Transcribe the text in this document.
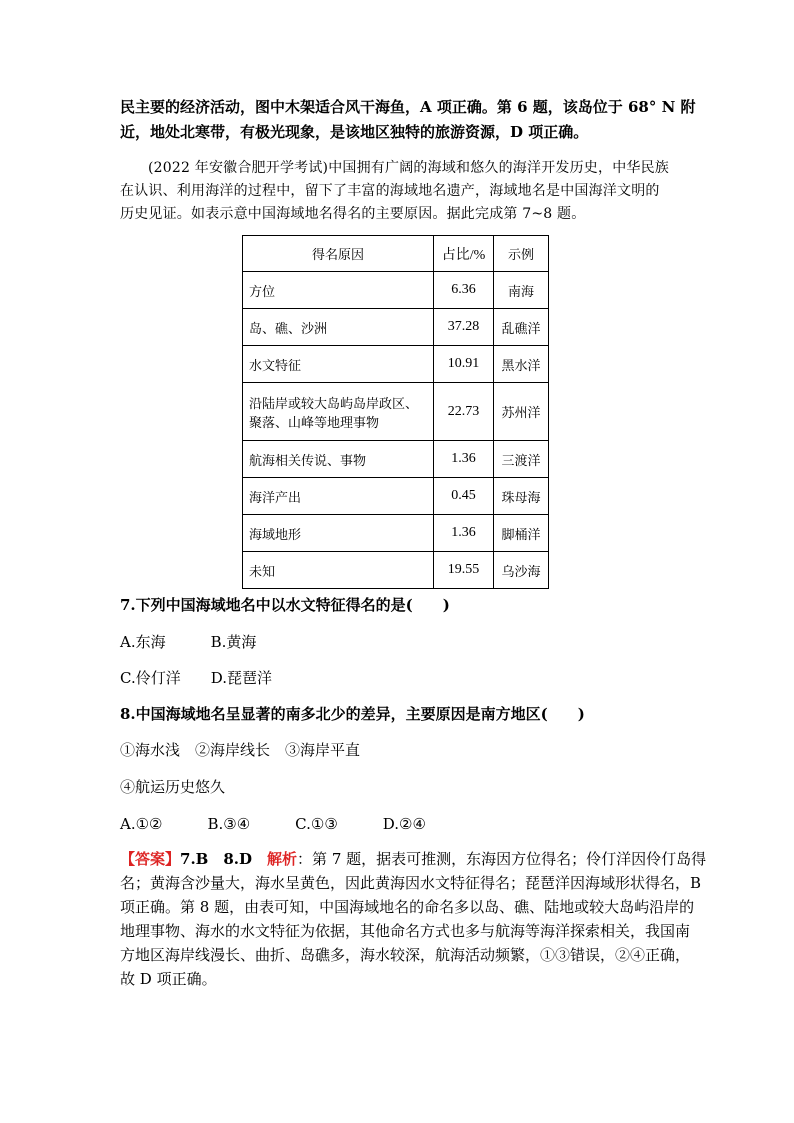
民主要的经济活动，图中木架适合风干海鱼，A 项正确。第 6 题，该岛位于 68° N 附
近，地处北寒带，有极光现象，是该地区独特的旅游资源，D 项正确。
(2022 年安徽合肥开学考试)中国拥有广阔的海域和悠久的海洋开发历史，中华民族
在认识、利用海洋的过程中，留下了丰富的海域地名遗产，海域地名是中国海洋文明的
历史见证。如表示意中国海域地名得名的主要原因。据此完成第 7~8 题。
得名原因	占比/%	示例
方位	6.36	南海
岛、礁、沙洲	37.28	乱礁洋
水文特征	10.91	黑水洋

沿陆岸或较大岛屿岛岸政区、
聚落、山峰等地理事物	22.73	苏州洋
航海相关传说、事物	1.36	三渡洋
海洋产出	0.45	珠母海
海域地形	1.36	脚桶洋
未知	19.55	乌沙海
7.下列中国海域地名中以水文特征得名的是(　　)
A.东海　　　B.黄海
C.伶仃洋　　D.琵琶洋
8.中国海域地名呈显著的南多北少的差异，主要原因是南方地区(　　)
①海水浅　②海岸线长　③海岸平直
④航运历史悠久
A.①②　　　B.③④　　　C.①③　　　D.②④
【答案】7.B　8.D　解析：第 7 题，据表可推测，东海因方位得名；伶仃洋因伶仃岛得
名；黄海含沙量大，海水呈黄色，因此黄海因水文特征得名；琵琶洋因海域形状得名，B
项正确。第 8 题，由表可知，中国海域地名的命名多以岛、礁、陆地或较大岛屿沿岸的
地理事物、海水的水文特征为依据，其他命名方式也多与航海等海洋探索相关，我国南
方地区海岸线漫长、曲折、岛礁多，海水较深，航海活动频繁，①③错误，②④正确，
故 D 项正确。
